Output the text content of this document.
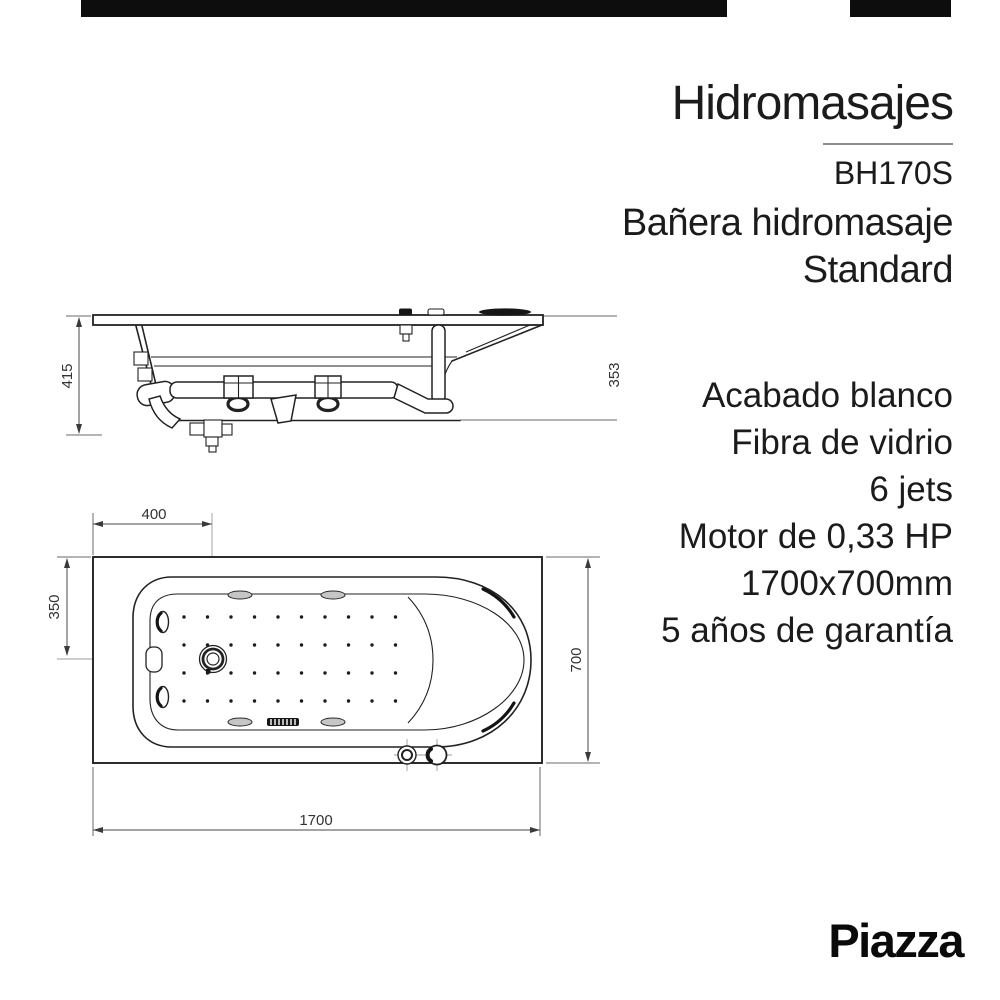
Hidromasajes
BH170S
Bañera hidromasaje
Standard
Acabado blanco
Fibra de vidrio
6 jets
Motor de 0,33 HP
1700x700mm
5 años de garantía
415	353
400
350
700
1700
Piazza
